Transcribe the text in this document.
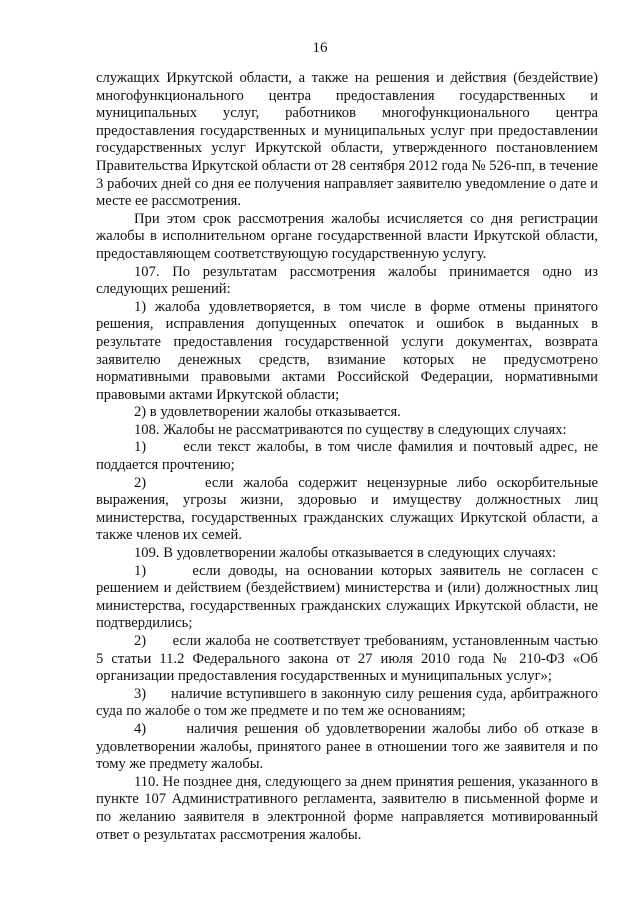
16

служащих Иркутской области, а также на решения и действия (бездействие) многофункционального центра предоставления государственных и муниципальных услуг, работников многофункционального центра предоставления государственных и муниципальных услуг при предоставлении государственных услуг Иркутской области, утвержденного постановлением Правительства Иркутской области от 28 сентября 2012 года № 526-пп, в течение 3 рабочих дней со дня ее получения направляет заявителю уведомление о дате и месте ее рассмотрения.

При этом срок рассмотрения жалобы исчисляется со дня регистрации жалобы в исполнительном органе государственной власти Иркутской области, предоставляющем соответствующую государственную услугу.

107. По результатам рассмотрения жалобы принимается одно из следующих решений:

1) жалоба удовлетворяется, в том числе в форме отмены принятого решения, исправления допущенных опечаток и ошибок в выданных в результате предоставления государственной услуги документах, возврата заявителю денежных средств, взимание которых не предусмотрено нормативными правовыми актами Российской Федерации, нормативными правовыми актами Иркутской области;

2) в удовлетворении жалобы отказывается.

108. Жалобы не рассматриваются по существу в следующих случаях:

1)      если текст жалобы, в том числе фамилия и почтовый адрес, не поддается прочтению;

2)      если жалоба содержит нецензурные либо оскорбительные выражения, угрозы жизни, здоровью и имуществу должностных лиц министерства, государственных гражданских служащих Иркутской области, а также членов их семей.

109. В удовлетворении жалобы отказывается в следующих случаях:

1)      если доводы, на основании которых заявитель не согласен с решением и действием (бездействием) министерства и (или) должностных лиц министерства, государственных гражданских служащих Иркутской области, не подтвердились;

2)      если жалоба не соответствует требованиям, установленным частью 5 статьи 11.2 Федерального закона от 27 июля 2010 года № 210-ФЗ «Об организации предоставления государственных и муниципальных услуг»;

3)      наличие вступившего в законную силу решения суда, арбитражного суда по жалобе о том же предмете и по тем же основаниям;

4)      наличия решения об удовлетворении жалобы либо об отказе в удовлетворении жалобы, принятого ранее в отношении того же заявителя и по тому же предмету жалобы.

110. Не позднее дня, следующего за днем принятия решения, указанного в пункте 107 Административного регламента, заявителю в письменной форме и по желанию заявителя в электронной форме направляется мотивированный ответ о результатах рассмотрения жалобы.
